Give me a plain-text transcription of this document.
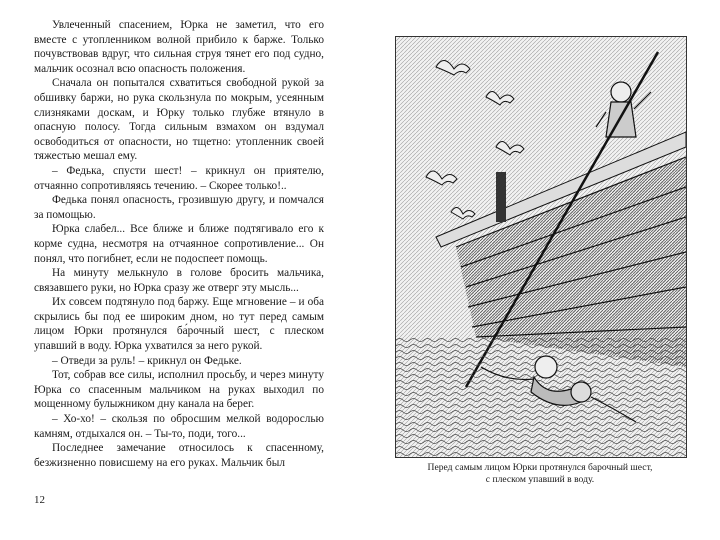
Увлеченный спасением, Юрка не заметил, что его вместе с утопленником волной прибило к барже. Только почувствовав вдруг, что сильная струя тянет его под судно, мальчик осознал всю опасность положения.

Сначала он попытался схватиться свободной рукой за обшивку баржи, но рука скользнула по мокрым, усеянным слизняками доскам, и Юрку только глубже втянуло в опасную полосу. Тогда сильным взмахом он вздумал освободиться от опасности, но тщетно: утопленник своей тяжестью мешал ему.

– Федька, спусти шест! – крикнул он приятелю, отчаянно сопротивляясь течению. – Скорее только!..

Федька понял опасность, грозившую другу, и помчался за помощью.

Юрка слабел... Все ближе и ближе подтягивало его к корме судна, несмотря на отчаянное сопротивление... Он понял, что погибнет, если не подоспеет помощь.

На минуту мелькнуло в голове бросить мальчика, связавшего руки, но Юрка сразу же отверг эту мысль...

Их совсем подтянуло под баржу. Еще мгновение – и оба скрылись бы под ее широким дном, но тут перед самым лицом Юрки протянулся ба́рочный шест, с плеском упавший в воду. Юрка ухватился за него рукой.

– Отведи за руль! – крикнул он Федьке.

Тот, собрав все силы, исполнил просьбу, и через минуту Юрка со спасенным мальчиком на руках выходил по мощенному булыжником дну канала на берег.

– Хо-хо! – скользя по обросшим мелкой водорослью камням, отдыхался он. – Ты-то, поди, того...

Последнее замечание относилось к спасенному, безжизненно повисшему на его руках. Мальчик был

12
Перед самым лицом Юрки протянулся барочный шест,
с плеском упавший в воду.
